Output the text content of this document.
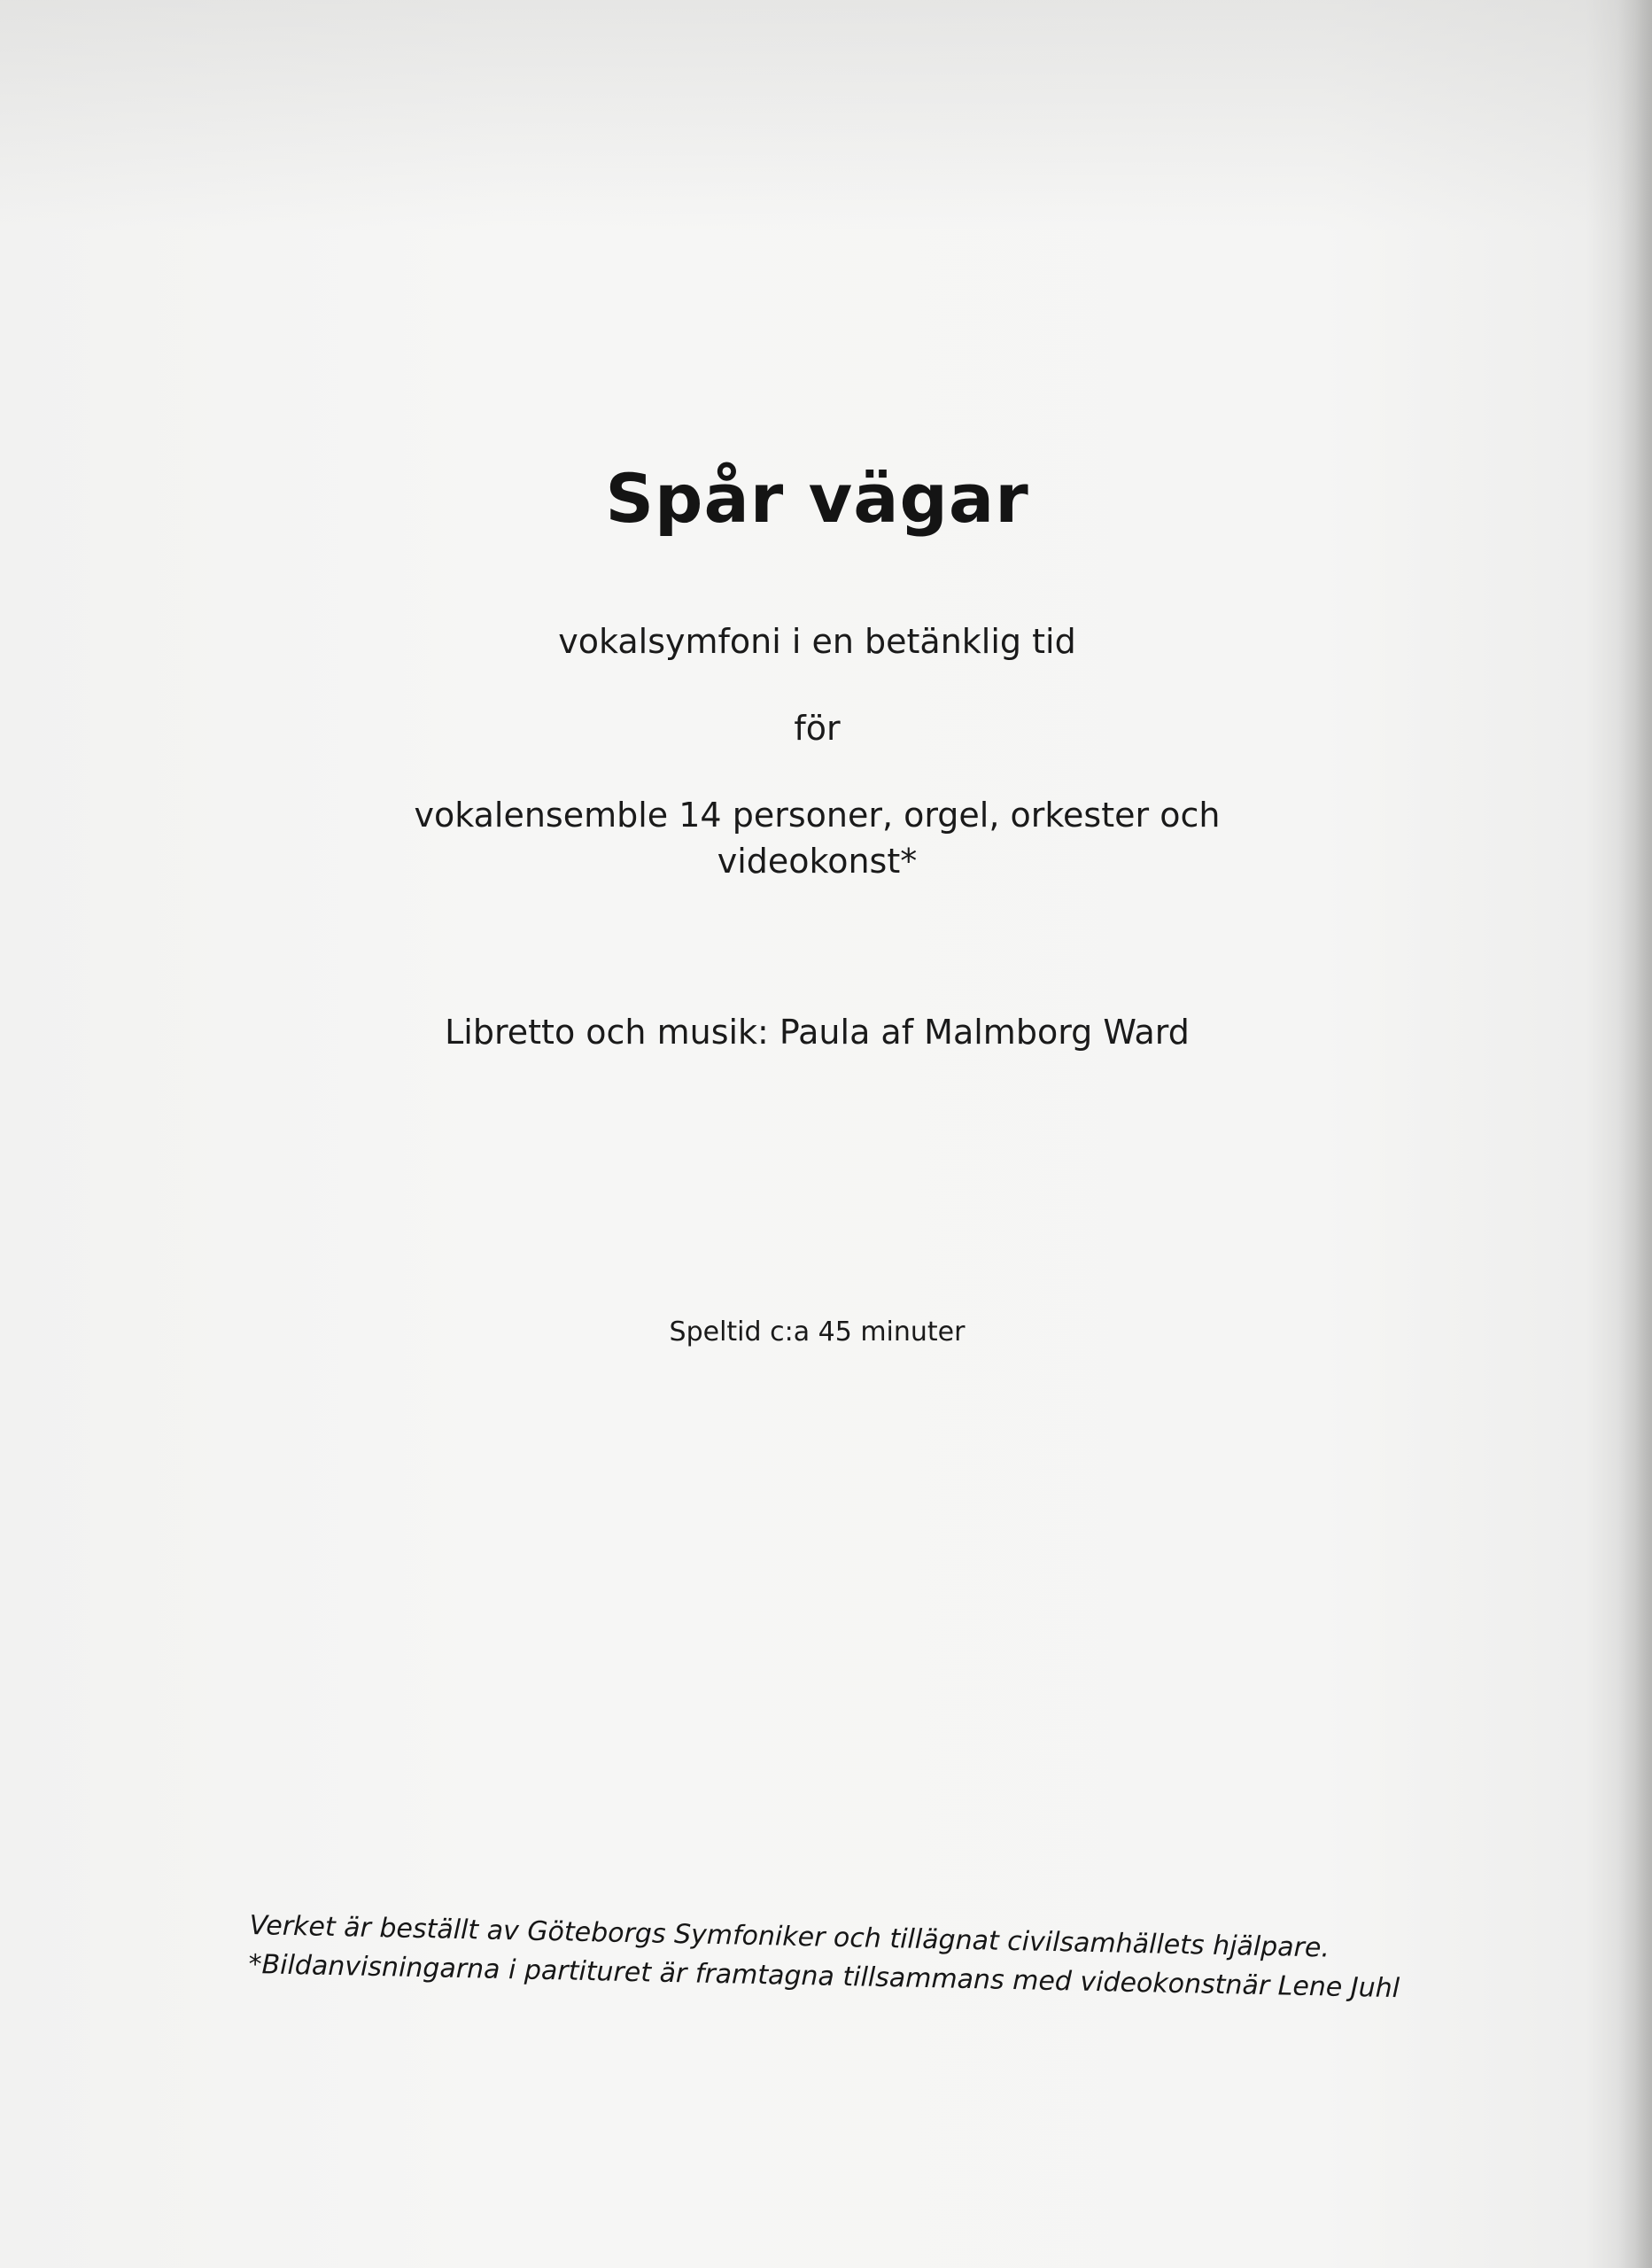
Spår vägar
vokalsymfoni i en betänklig tid
för
vokalensemble 14 personer, orgel, orkester och
videokonst*
Libretto och musik: Paula af Malmborg Ward
Speltid c:a 45 minuter
Verket är beställt av Göteborgs Symfoniker och tillägnat civilsamhällets hjälpare.
*Bildanvisningarna i partituret är framtagna tillsammans med videokonstnär Lene Juhl
